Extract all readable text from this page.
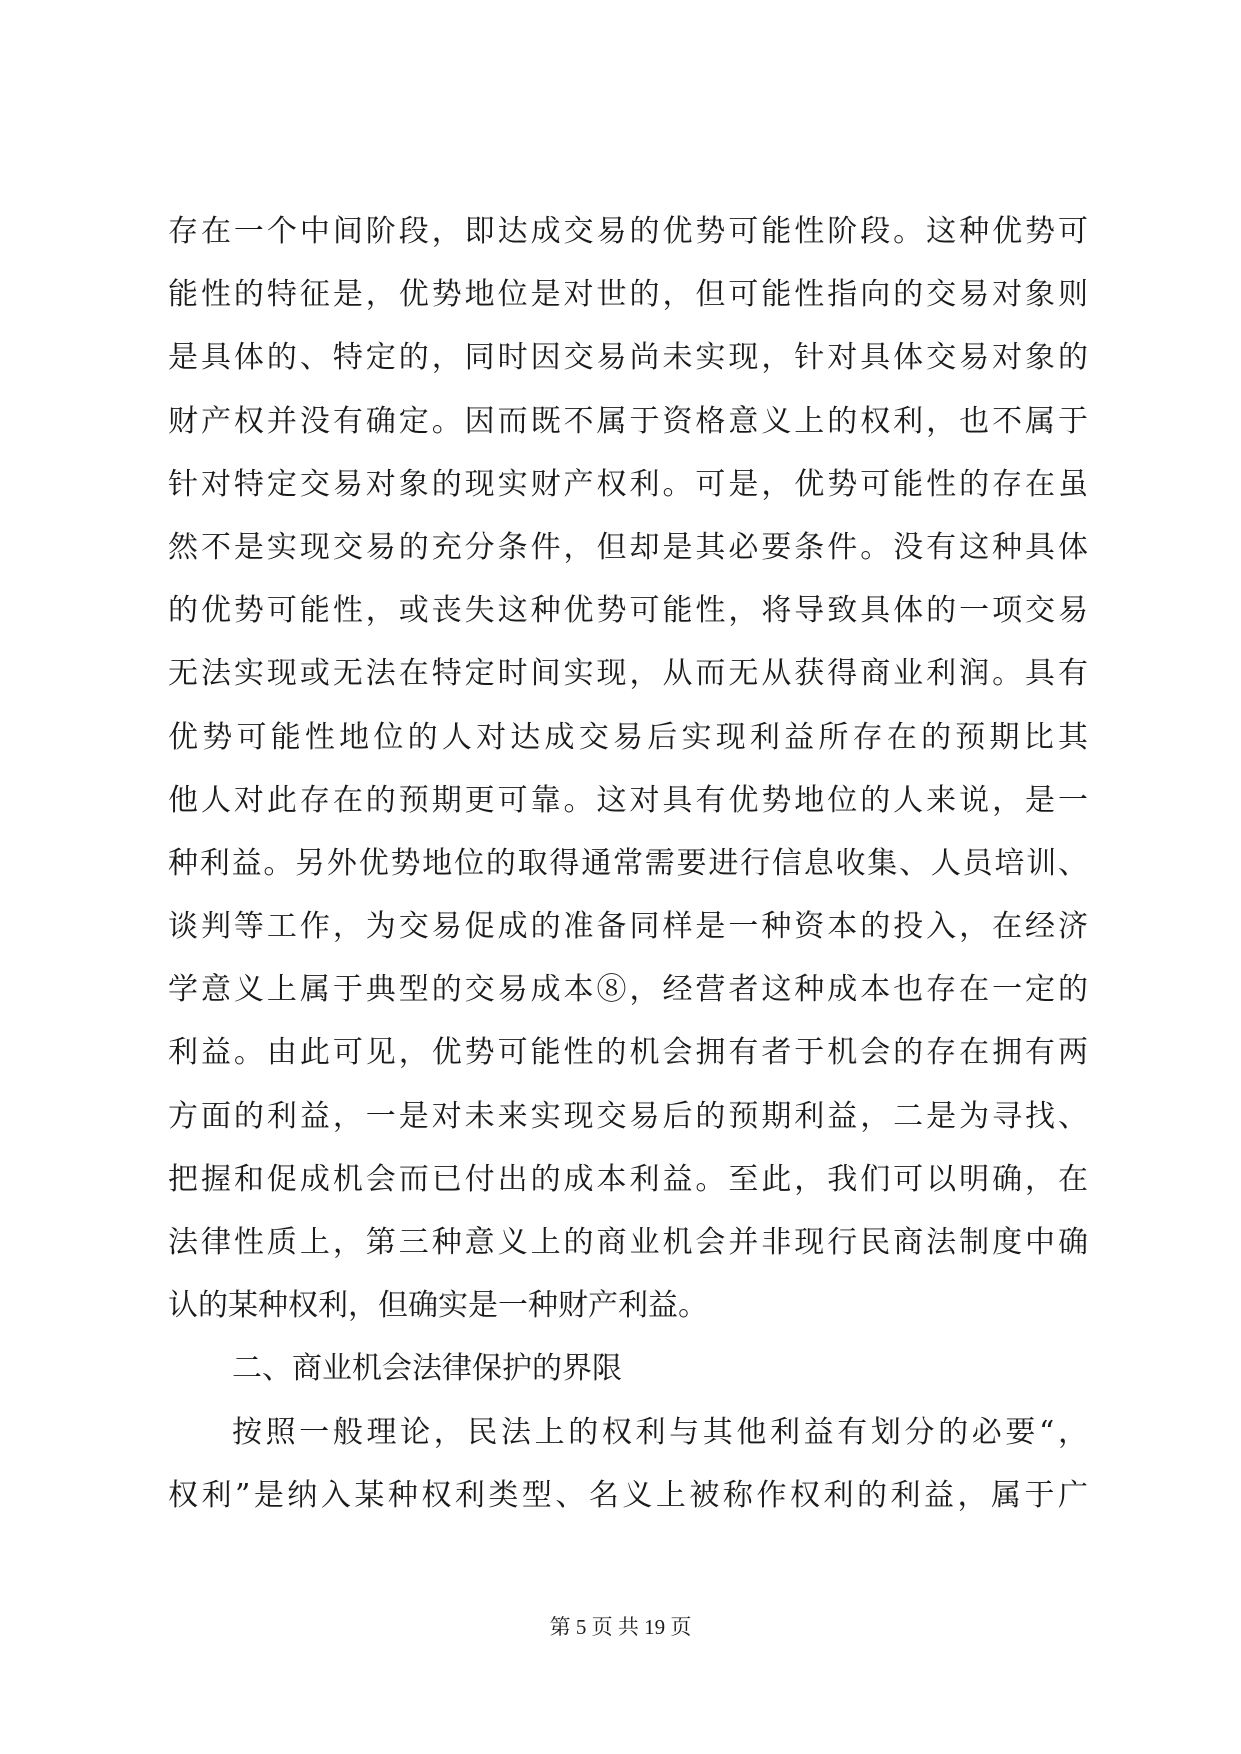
存在一个中间阶段，即达成交易的优势可能性阶段。这种优势可
能性的特征是，优势地位是对世的，但可能性指向的交易对象则
是具体的、特定的，同时因交易尚未实现，针对具体交易对象的
财产权并没有确定。因而既不属于资格意义上的权利，也不属于
针对特定交易对象的现实财产权利。可是，优势可能性的存在虽
然不是实现交易的充分条件，但却是其必要条件。没有这种具体
的优势可能性，或丧失这种优势可能性，将导致具体的一项交易
无法实现或无法在特定时间实现，从而无从获得商业利润。具有
优势可能性地位的人对达成交易后实现利益所存在的预期比其
他人对此存在的预期更可靠。这对具有优势地位的人来说，是一
种利益。另外优势地位的取得通常需要进行信息收集、人员培训、
谈判等工作，为交易促成的准备同样是一种资本的投入，在经济
学意义上属于典型的交易成本⑧，经营者这种成本也存在一定的
利益。由此可见，优势可能性的机会拥有者于机会的存在拥有两
方面的利益，一是对未来实现交易后的预期利益，二是为寻找、
把握和促成机会而已付出的成本利益。至此，我们可以明确，在
法律性质上，第三种意义上的商业机会并非现行民商法制度中确
认的某种权利，但确实是一种财产利益。
二、商业机会法律保护的界限
按照一般理论，民法上的权利与其他利益有划分的必要“，
权利”是纳入某种权利类型、名义上被称作权利的利益，属于广
第 5 页 共 19 页
